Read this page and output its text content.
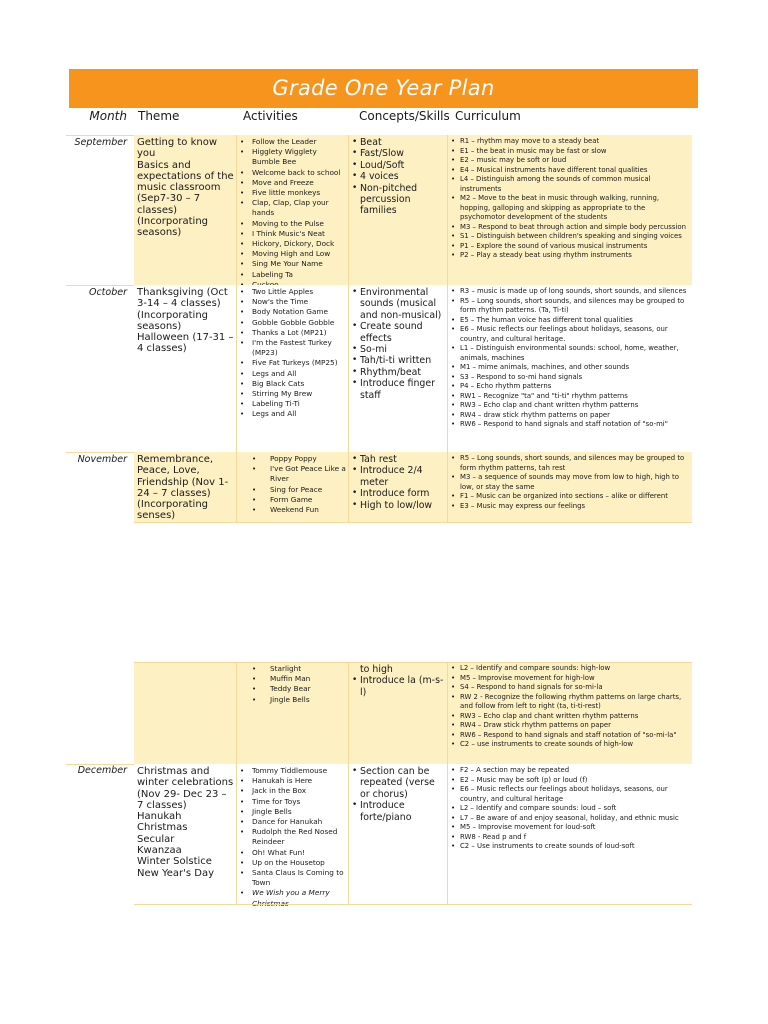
Grade One Year Plan
Month Theme	Activities	Concepts/Skills Curriculum
September Getting to know you
Basics and expectations of the music classroom (Sep7-30 – 7 classes)
(Incorporating seasons)
• Follow the Leader
• Higglety Wigglety Bumble Bee
• Welcome back to school
• Move and Freeze
• Five little monkeys
• Clap, Clap, Clap your hands
• Moving to the Pulse
• I Think Music's Neat
• Hickory, Dickory, Dock
• Moving High and Low
• Sing Me Your Name
• Labeling Ta
•
• Beat
• Fast/Slow
• Loud/Soft
• 4 voices
• Non-pitched percussion families
• R1 – rhythm may move to a steady beat
• E1 – the beat in music may be fast or slow
• E2 – music may be soft or loud
• E4 – Musical instruments have different tonal qualities
• L4 – Distinguish among the sounds of common musical instruments
• M2 – Move to the beat in music through walking, running, hopping, galloping and skipping as appropriate to the psychomotor development of the students
• M3 – Respond to beat through action and simple body percussion
• S1 – Distinguish between children's speaking and singing voices
• P1 – Explore the sound of various musical instruments
• P2 – Play a steady beat using rhythm instruments
October Thanksgiving (Oct 3-14 – 4 classes)
(Incorporating seasons)
Halloween (17-31 – 4 classes)
• Two Little Apples
• Now's the Time
• Body Notation Game
• Gobble Gobble Gobble
• Thanks a Lot (MP21)
• I'm the Fastest Turkey (MP23)
• Five Fat Turkeys (MP25)
• Legs and All
• Big Black Cats
• Stirring My Brew
• Labeling Ti-Ti
• Legs and All
• Environmental sounds (musical and non-musical)
• Create sound effects
• So-mi
• Tah/ti-ti written
• Rhythm/beat
• Introduce finger staff
• R3 – music is made up of long sounds, short sounds, and silences
• R5 – Long sounds, short sounds, and silences may be grouped to form rhythm patterns. (Ta, Ti-ti)
• E5 – The human voice has different tonal qualities
• E6 – Music reflects our feelings about holidays, seasons, our country, and cultural heritage.
• L1 – Distinguish environmental sounds: school, home, weather, animals, machines
• M1 – mime animals, machines, and other sounds
• S3 – Respond to so-mi hand signals
• P4 – Echo rhythm patterns
• RW1 – Recognize "ta" and "ti-ti" rhythm patterns
• RW3 – Echo clap and chant written rhythm patterns
• RW4 – draw stick rhythm patterns on paper
• RW6 – Respond to hand signals and staff notation of "so-mi"
November Remembrance, Peace, Love, Friendship (Nov 1-24 – 7 classes)
(Incorporating senses)
• Poppy Poppy
• I've Got Peace Like a River
• Sing for Peace
• Form Game
• Weekend Fun
• Tah rest
• Introduce 2/4 meter
• Introduce form
• High to low/low
• R5 – Long sounds, short sounds, and silences may be grouped to form rhythm patterns, tah rest
• M3 – a sequence of sounds may move from low to high, high to low, or stay the same
• F1 – Music can be organized into sections – alike or different
• E3 – Music may express our feelings
• Starlight
• Muffin Man
• Teddy Bear
• Jingle Bells
to high
• Introduce la (m-s-l)
• L2 – Identify and compare sounds: high-low
• M5 – Improvise movement for high-low
• S4 – Respond to hand signals for so-mi-la
• RW 2 - Recognize the following rhythm patterns on large charts, and follow from left to right (ta, ti-ti-rest)
• RW3 – Echo clap and chant written rhythm patterns
• RW4 – Draw stick rhythm patterns on paper
• RW6 – Respond to hand signals and staff notation of "so-mi-la"
• C2 – use instruments to create sounds of high-low
December Christmas and winter celebrations (Nov 29- Dec 23 – 7 classes)
Hanukah
Christmas
Secular
Kwanzaa
Winter Solstice
New Year's Day
• Tommy Tiddlemouse
• Hanukah is Here
• Jack in the Box
• Time for Toys
• Jingle Bells
• Dance for Hanukah
• Rudolph the Red Nosed Reindeer
• Oh! What Fun!
• Up on the Housetop
• Santa Claus Is Coming to Town
• We Wish you a Merry Christmas
• Section can be repeated (verse or chorus)
• Introduce forte/piano
• F2 – A section may be repeated
• E2 – Music may be soft (p) or loud (f)
• E6 – Music reflects our feelings about holidays, seasons, our country, and cultural heritage
• L2 – Identify and compare sounds: loud – soft
• L7 – Be aware of and enjoy seasonal, holiday, and ethnic music
• M5 – Improvise movement for loud-soft
• RW8 - Read p and f
• C2 – Use instruments to create sounds of loud-soft
